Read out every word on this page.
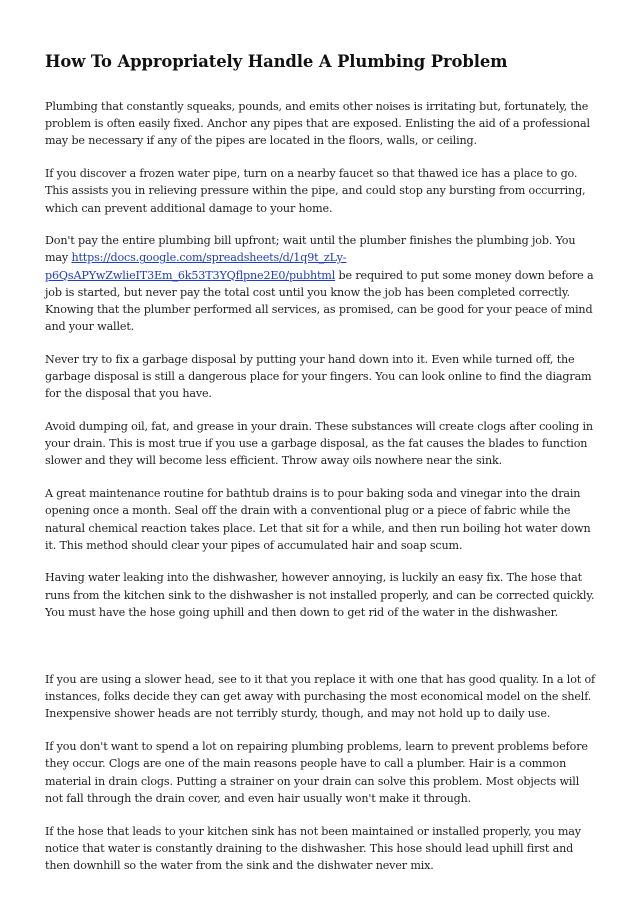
How To Appropriately Handle A Plumbing Problem

Plumbing that constantly squeaks, pounds, and emits other noises is irritating but, fortunately, the problem is often easily fixed. Anchor any pipes that are exposed. Enlisting the aid of a professional may be necessary if any of the pipes are located in the floors, walls, or ceiling.

If you discover a frozen water pipe, turn on a nearby faucet so that thawed ice has a place to go. This assists you in relieving pressure within the pipe, and could stop any bursting from occurring, which can prevent additional damage to your home.

Don't pay the entire plumbing bill upfront; wait until the plumber finishes the plumbing job. You may https://docs.google.com/spreadsheets/d/1q9t_zLy-p6QsAPYwZwlieIT3Em_6k53T3YQflpne2E0/pubhtml be required to put some money down before a job is started, but never pay the total cost until you know the job has been completed correctly. Knowing that the plumber performed all services, as promised, can be good for your peace of mind and your wallet.

Never try to fix a garbage disposal by putting your hand down into it. Even while turned off, the garbage disposal is still a dangerous place for your fingers. You can look online to find the diagram for the disposal that you have.

Avoid dumping oil, fat, and grease in your drain. These substances will create clogs after cooling in your drain. This is most true if you use a garbage disposal, as the fat causes the blades to function slower and they will become less efficient. Throw away oils nowhere near the sink.

A great maintenance routine for bathtub drains is to pour baking soda and vinegar into the drain opening once a month. Seal off the drain with a conventional plug or a piece of fabric while the natural chemical reaction takes place. Let that sit for a while, and then run boiling hot water down it. This method should clear your pipes of accumulated hair and soap scum.

Having water leaking into the dishwasher, however annoying, is luckily an easy fix. The hose that runs from the kitchen sink to the dishwasher is not installed properly, and can be corrected quickly. You must have the hose going uphill and then down to get rid of the water in the dishwasher.

If you are using a slower head, see to it that you replace it with one that has good quality. In a lot of instances, folks decide they can get away with purchasing the most economical model on the shelf. Inexpensive shower heads are not terribly sturdy, though, and may not hold up to daily use.

If you don't want to spend a lot on repairing plumbing problems, learn to prevent problems before they occur. Clogs are one of the main reasons people have to call a plumber. Hair is a common material in drain clogs. Putting a strainer on your drain can solve this problem. Most objects will not fall through the drain cover, and even hair usually won't make it through.

If the hose that leads to your kitchen sink has not been maintained or installed properly, you may notice that water is constantly draining to the dishwasher. This hose should lead uphill first and then downhill so the water from the sink and the dishwater never mix.
